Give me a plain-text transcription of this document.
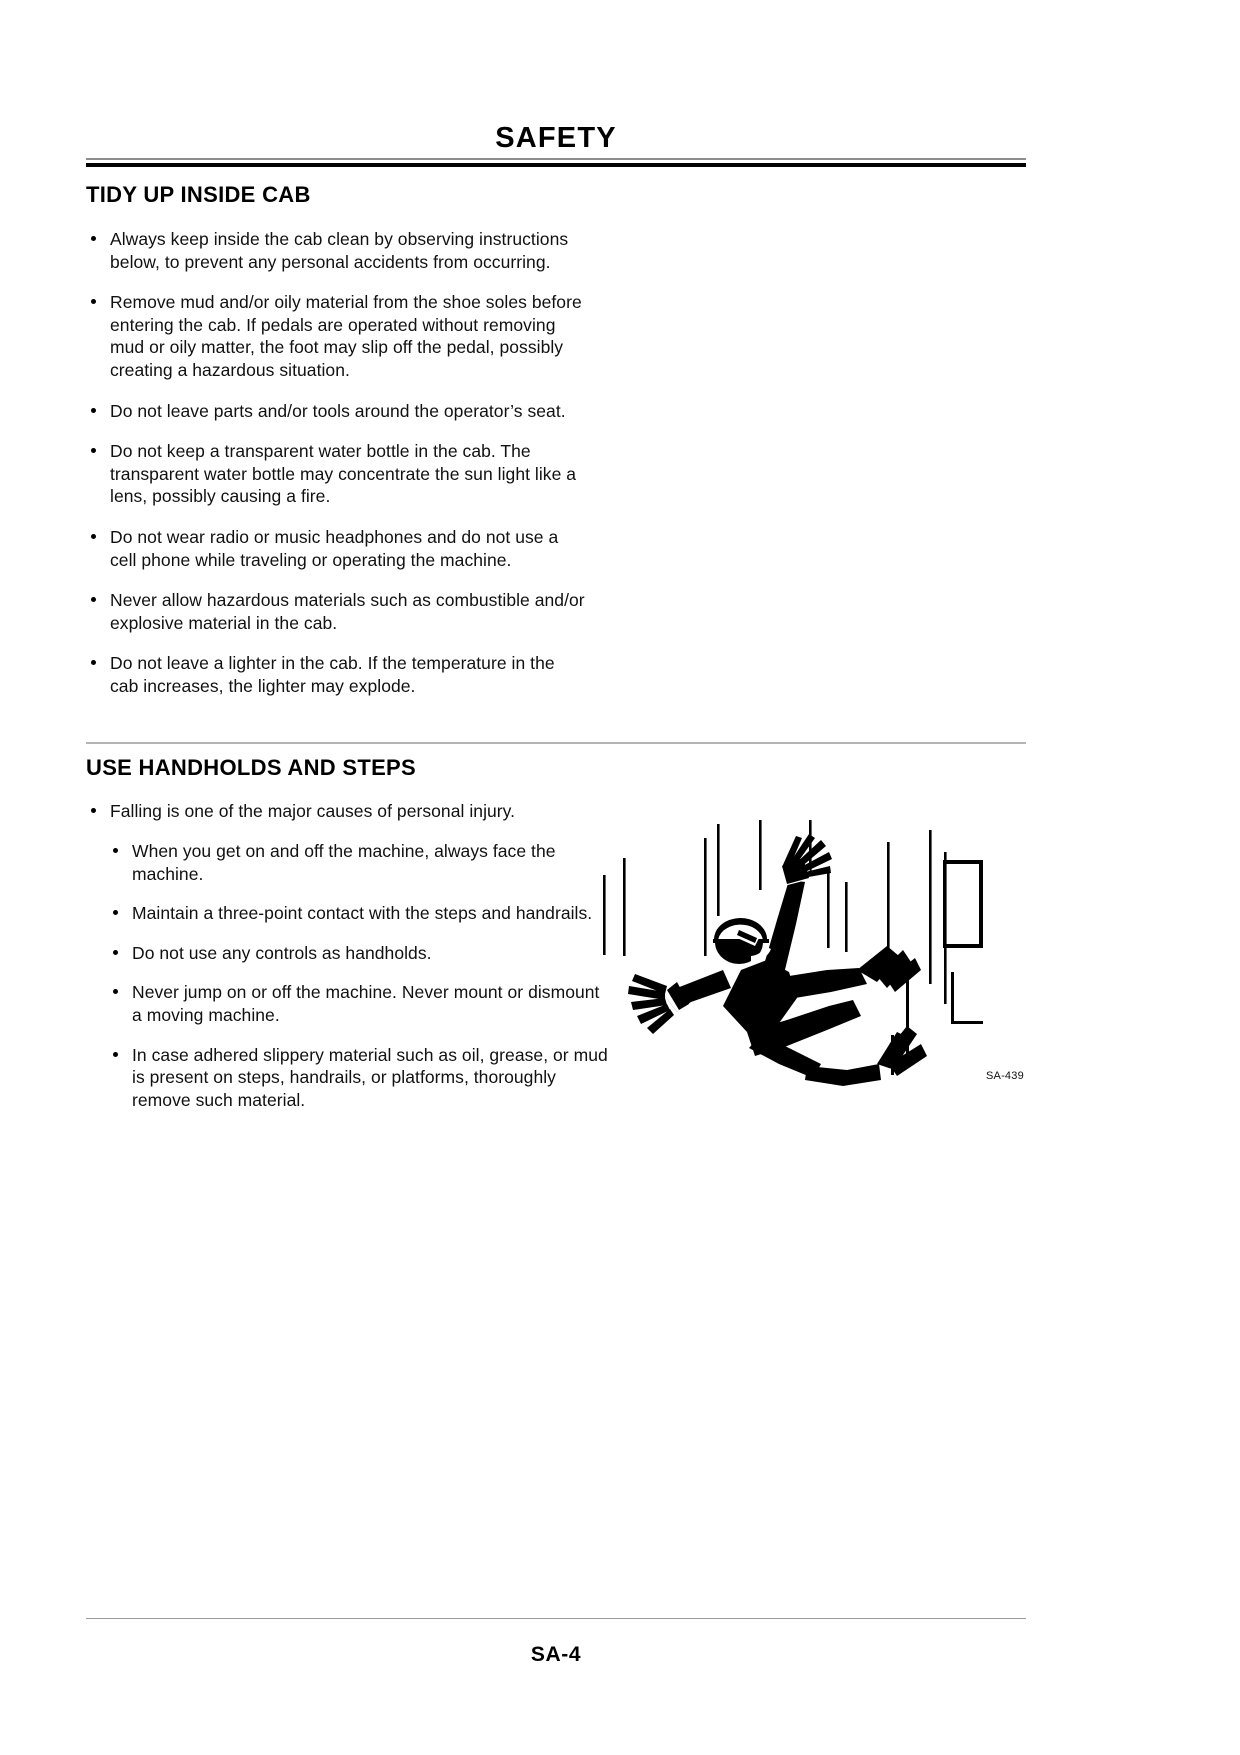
SAFETY
TIDY UP INSIDE CAB
Always keep inside the cab clean by observing instructions below, to prevent any personal accidents from occurring.
Remove mud and/or oily material from the shoe soles before entering the cab. If pedals are operated without removing mud or oily matter, the foot may slip off the pedal, possibly creating a hazardous situation.
Do not leave parts and/or tools around the operator’s seat.
Do not keep a transparent water bottle in the cab. The transparent water bottle may concentrate the sun light like a lens, possibly causing a fire.
Do not wear radio or music headphones and do not use a cell phone while traveling or operating the machine.
Never allow hazardous materials such as combustible and/or explosive material in the cab.
Do not leave a lighter in the cab. If the temperature in the cab increases, the lighter may explode.
USE HANDHOLDS AND STEPS
Falling is one of the major causes of personal injury.
When you get on and off the machine, always face the machine.
Maintain a three-point contact with the steps and handrails.
Do not use any controls as handholds.
Never jump on or off the machine. Never mount or dismount a moving machine.
In case adhered slippery material such as oil, grease, or mud is present on steps, handrails, or platforms, thoroughly remove such material.
SA-439
SA-4
